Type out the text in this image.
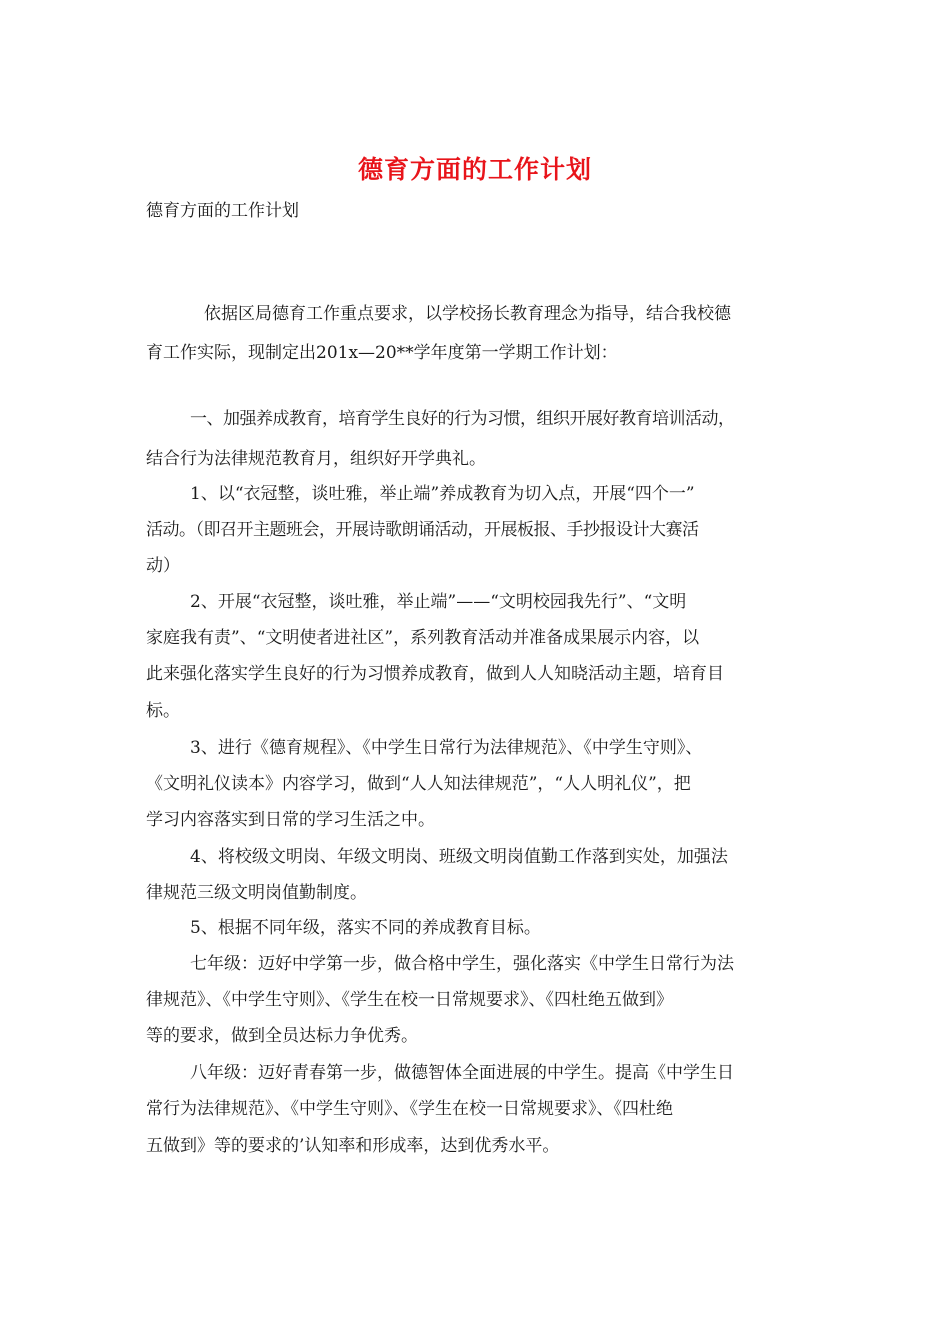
德育方面的工作计划
德育方面的工作计划
依据区局德育工作重点要求，以学校扬长教育理念为指导，结合我校德
育工作实际，现制定出201x—20**学年度第一学期工作计划：
一、加强养成教育，培育学生良好的行为习惯，组织开展好教育培训活动，
结合行为法律规范教育月，组织好开学典礼。
1、以“衣冠整，谈吐雅，举止端”养成教育为切入点，开展“四个一”
活动。（即召开主题班会，开展诗歌朗诵活动，开展板报、手抄报设计大赛活
动）
2、开展“衣冠整，谈吐雅，举止端”——“文明校园我先行”、“文明
家庭我有责”、“文明使者进社区”，系列教育活动并准备成果展示内容，以
此来强化落实学生良好的行为习惯养成教育，做到人人知晓活动主题，培育目
标。
3、进行《德育规程》、《中学生日常行为法律规范》、《中学生守则》、
《文明礼仪读本》内容学习，做到“人人知法律规范”，“人人明礼仪”，把
学习内容落实到日常的学习生活之中。
4、将校级文明岗、年级文明岗、班级文明岗值勤工作落到实处，加强法
律规范三级文明岗值勤制度。
5、根据不同年级，落实不同的养成教育目标。
七年级：迈好中学第一步，做合格中学生，强化落实《中学生日常行为法
律规范》、《中学生守则》、《学生在校一日常规要求》、《四杜绝五做到》
等的要求，做到全员达标力争优秀。
八年级：迈好青春第一步，做德智体全面进展的中学生。提高《中学生日
常行为法律规范》、《中学生守则》、《学生在校一日常规要求》、《四杜绝
五做到》等的要求的’认知率和形成率，达到优秀水平。
